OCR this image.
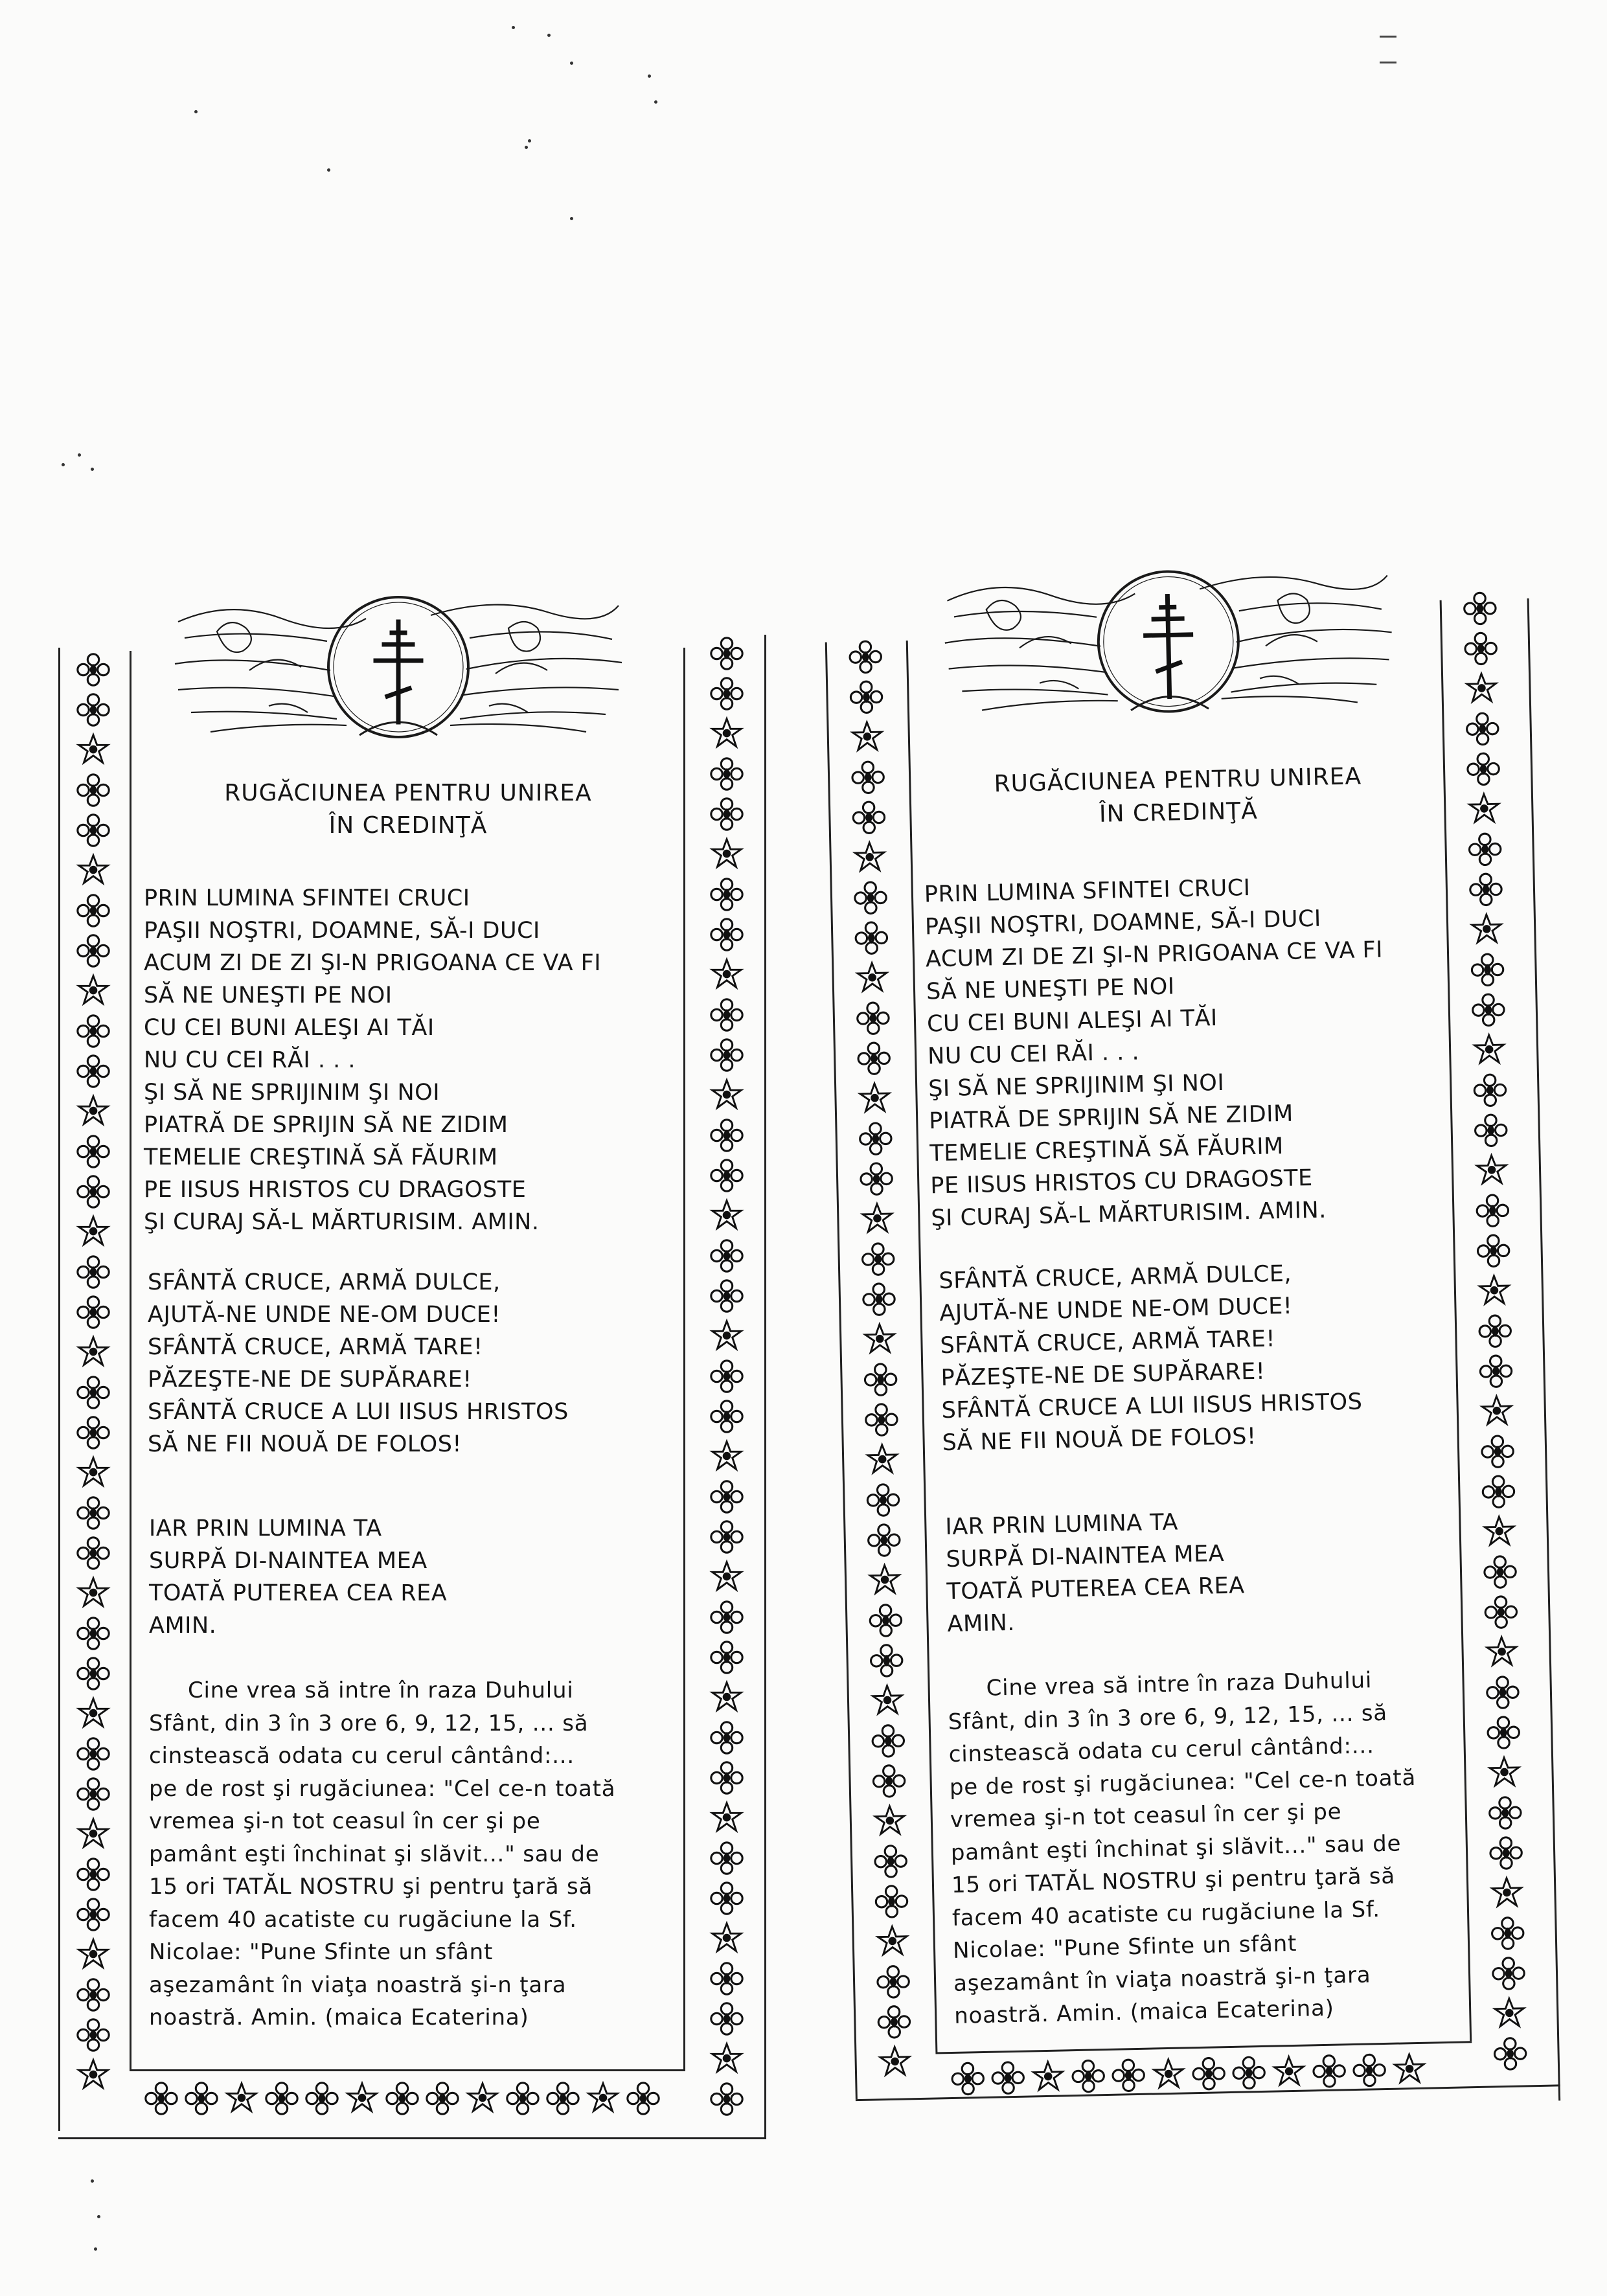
RUGĂCIUNEA PENTRU UNIREA
ÎN CREDINŢĂ
PRIN LUMINA SFINTEI CRUCI
PAŞII NOŞTRI, DOAMNE, SĂ-I DUCI
ACUM ZI DE ZI ŞI-N PRIGOANA CE VA FI
SĂ NE UNEŞTI PE NOI
CU CEI BUNI ALEŞI AI TĂI
NU CU CEI RĂI . . .
ŞI SĂ NE SPRIJINIM ŞI NOI
PIATRĂ DE SPRIJIN SĂ NE ZIDIM
TEMELIE CREŞTINĂ SĂ FĂURIM
PE IISUS HRISTOS CU DRAGOSTE
ŞI CURAJ SĂ-L MĂRTURISIM. AMIN.
SFÂNTĂ CRUCE, ARMĂ DULCE,
AJUTĂ-NE UNDE NE-OM DUCE!
SFÂNTĂ CRUCE, ARMĂ TARE!
PĂZEŞTE-NE DE SUPĂRARE!
SFÂNTĂ CRUCE A LUI IISUS HRISTOS
SĂ NE FII NOUĂ DE FOLOS!
IAR PRIN LUMINA TA
SURPĂ DI-NAINTEA MEA
TOATĂ PUTEREA CEA REA
AMIN.
Cine vrea să intre în raza Duhului
Sfânt, din 3 în 3 ore 6, 9, 12, 15, ... să
cinstească odata cu cerul cântând:...
pe de rost şi rugăciunea: "Cel ce-n toată
vremea şi-n tot ceasul în cer şi pe
pamânt eşti închinat şi slăvit..." sau de
15 ori TATĂL NOSTRU şi pentru ţară să
facem 40 acatiste cu rugăciune la Sf.
Nicolae: "Pune Sfinte un sfânt
aşezamânt în viaţa noastră şi-n ţara
noastră. Amin. (maica Ecaterina)
RUGĂCIUNEA PENTRU UNIREA
ÎN CREDINŢĂ
PRIN LUMINA SFINTEI CRUCI
PAŞII NOŞTRI, DOAMNE, SĂ-I DUCI
ACUM ZI DE ZI ŞI-N PRIGOANA CE VA FI
SĂ NE UNEŞTI PE NOI
CU CEI BUNI ALEŞI AI TĂI
NU CU CEI RĂI . . .
ŞI SĂ NE SPRIJINIM ŞI NOI
PIATRĂ DE SPRIJIN SĂ NE ZIDIM
TEMELIE CREŞTINĂ SĂ FĂURIM
PE IISUS HRISTOS CU DRAGOSTE
ŞI CURAJ SĂ-L MĂRTURISIM. AMIN.
SFÂNTĂ CRUCE, ARMĂ DULCE,
AJUTĂ-NE UNDE NE-OM DUCE!
SFÂNTĂ CRUCE, ARMĂ TARE!
PĂZEŞTE-NE DE SUPĂRARE!
SFÂNTĂ CRUCE A LUI IISUS HRISTOS
SĂ NE FII NOUĂ DE FOLOS!
IAR PRIN LUMINA TA
SURPĂ DI-NAINTEA MEA
TOATĂ PUTEREA CEA REA
AMIN.
Cine vrea să intre în raza Duhului
Sfânt, din 3 în 3 ore 6, 9, 12, 15, ... să
cinstească odata cu cerul cântând:...
pe de rost şi rugăciunea: "Cel ce-n toată
vremea şi-n tot ceasul în cer şi pe
pamânt eşti închinat şi slăvit..." sau de
15 ori TATĂL NOSTRU şi pentru ţară să
facem 40 acatiste cu rugăciune la Sf.
Nicolae: "Pune Sfinte un sfânt
aşezamânt în viaţa noastră şi-n ţara
noastră. Amin. (maica Ecaterina)
